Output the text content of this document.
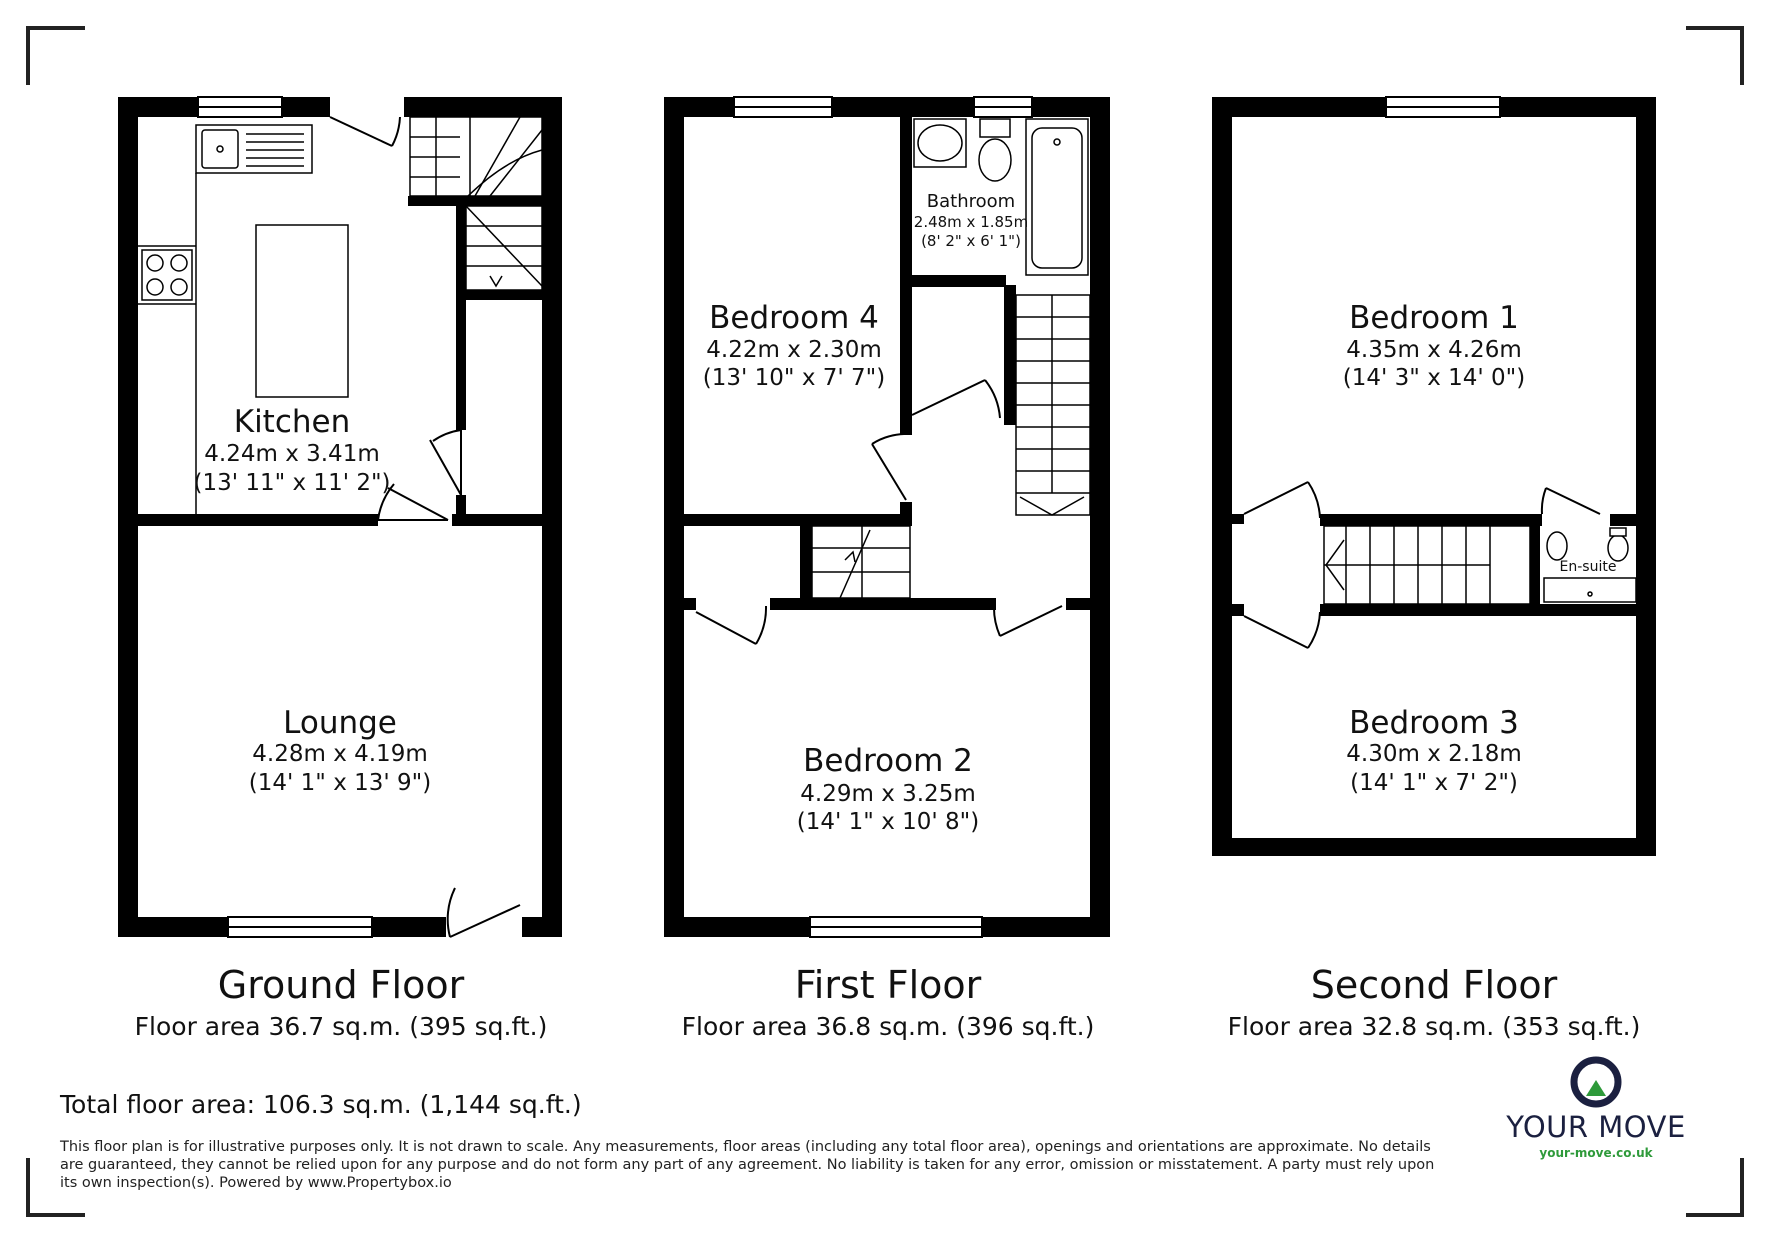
Kitchen
4.24m x 3.41m
(13' 11" x 11' 2")
Lounge
4.28m x 4.19m
(14' 1" x 13' 9")
Ground Floor
Floor area 36.7 sq.m. (395 sq.ft.)
Bedroom 4
4.22m x 2.30m
(13' 10" x 7' 7")
Bathroom
2.48m x 1.85m
(8' 2" x 6' 1")
Bedroom 2
4.29m x 3.25m
(14' 1" x 10' 8")
First Floor
Floor area 36.8 sq.m. (396 sq.ft.)
Bedroom 1
4.35m x 4.26m
(14' 3" x 14' 0")
En-suite
Bedroom 3
4.30m x 2.18m
(14' 1" x 7' 2")
Second Floor
Floor area 32.8 sq.m. (353 sq.ft.)
Total floor area: 106.3 sq.m. (1,144 sq.ft.)
This floor plan is for illustrative purposes only. It is not drawn to scale. Any measurements, floor areas (including any total floor area), openings and orientations are approximate. No details are guaranteed, they cannot be relied upon for any purpose and do not form any part of any agreement. No liability is taken for any error, omission or misstatement. A party must rely upon its own inspection(s). Powered by www.Propertybox.io
YOUR MOVE
your-move.co.uk
